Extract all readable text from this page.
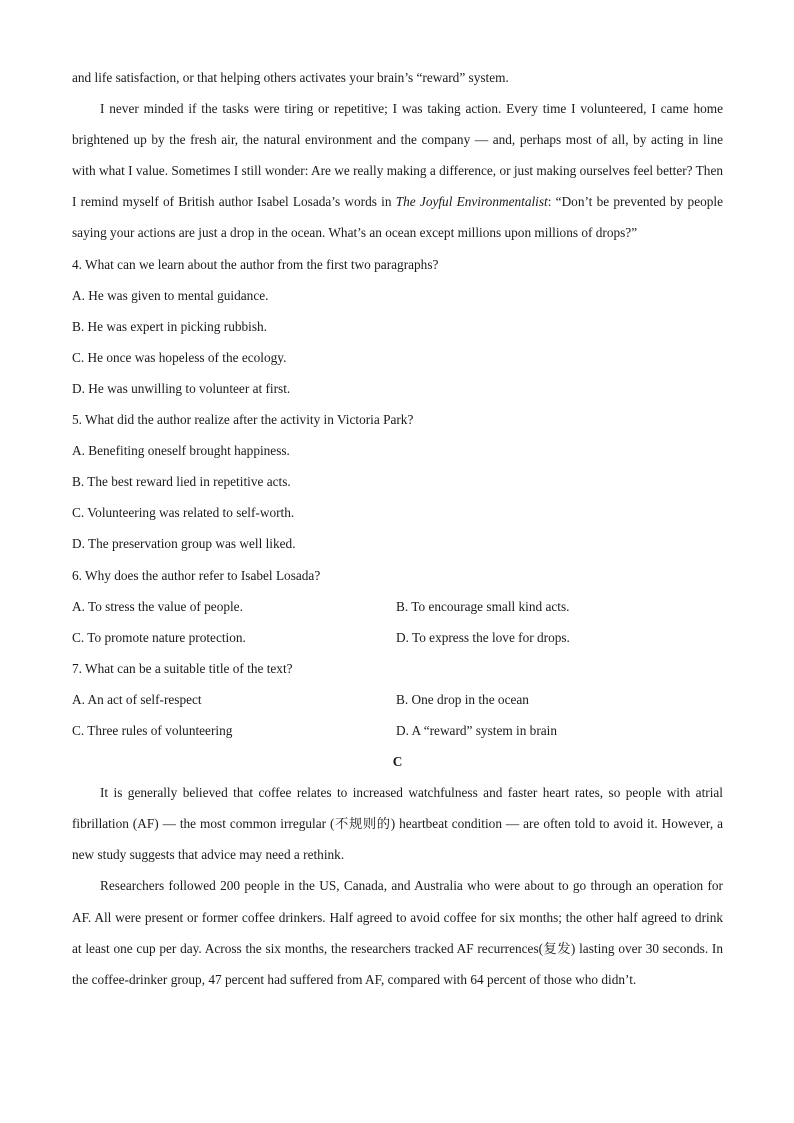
and life satisfaction, or that helping others activates your brain’s “reward” system.
I never minded if the tasks were tiring or repetitive; I was taking action. Every time I volunteered, I came home brightened up by the fresh air, the natural environment and the company — and, perhaps most of all, by acting in line with what I value. Sometimes I still wonder: Are we really making a difference, or just making ourselves feel better? Then I remind myself of British author Isabel Losada’s words in The Joyful Environmentalist: “Don’t be prevented by people saying your actions are just a drop in the ocean. What’s an ocean except millions upon millions of drops?”
4. What can we learn about the author from the first two paragraphs?
A. He was given to mental guidance.
B. He was expert in picking rubbish.
C. He once was hopeless of the ecology.
D. He was unwilling to volunteer at first.
5. What did the author realize after the activity in Victoria Park?
A. Benefiting oneself brought happiness.
B. The best reward lied in repetitive acts.
C. Volunteering was related to self-worth.
D. The preservation group was well liked.
6. Why does the author refer to Isabel Losada?
A. To stress the value of people.	B. To encourage small kind acts.
C. To promote nature protection.	D. To express the love for drops.
7. What can be a suitable title of the text?
A. An act of self-respect	B. One drop in the ocean
C. Three rules of volunteering	D. A “reward” system in brain
C
It is generally believed that coffee relates to increased watchfulness and faster heart rates, so people with atrial fibrillation (AF) — the most common irregular (不规则的) heartbeat condition — are often told to avoid it. However, a new study suggests that advice may need a rethink.
Researchers followed 200 people in the US, Canada, and Australia who were about to go through an operation for AF. All were present or former coffee drinkers. Half agreed to avoid coffee for six months; the other half agreed to drink at least one cup per day. Across the six months, the researchers tracked AF recurrences(复发) lasting over 30 seconds. In the coffee-drinker group, 47 percent had suffered from AF, compared with 64 percent of those who didn’t.
